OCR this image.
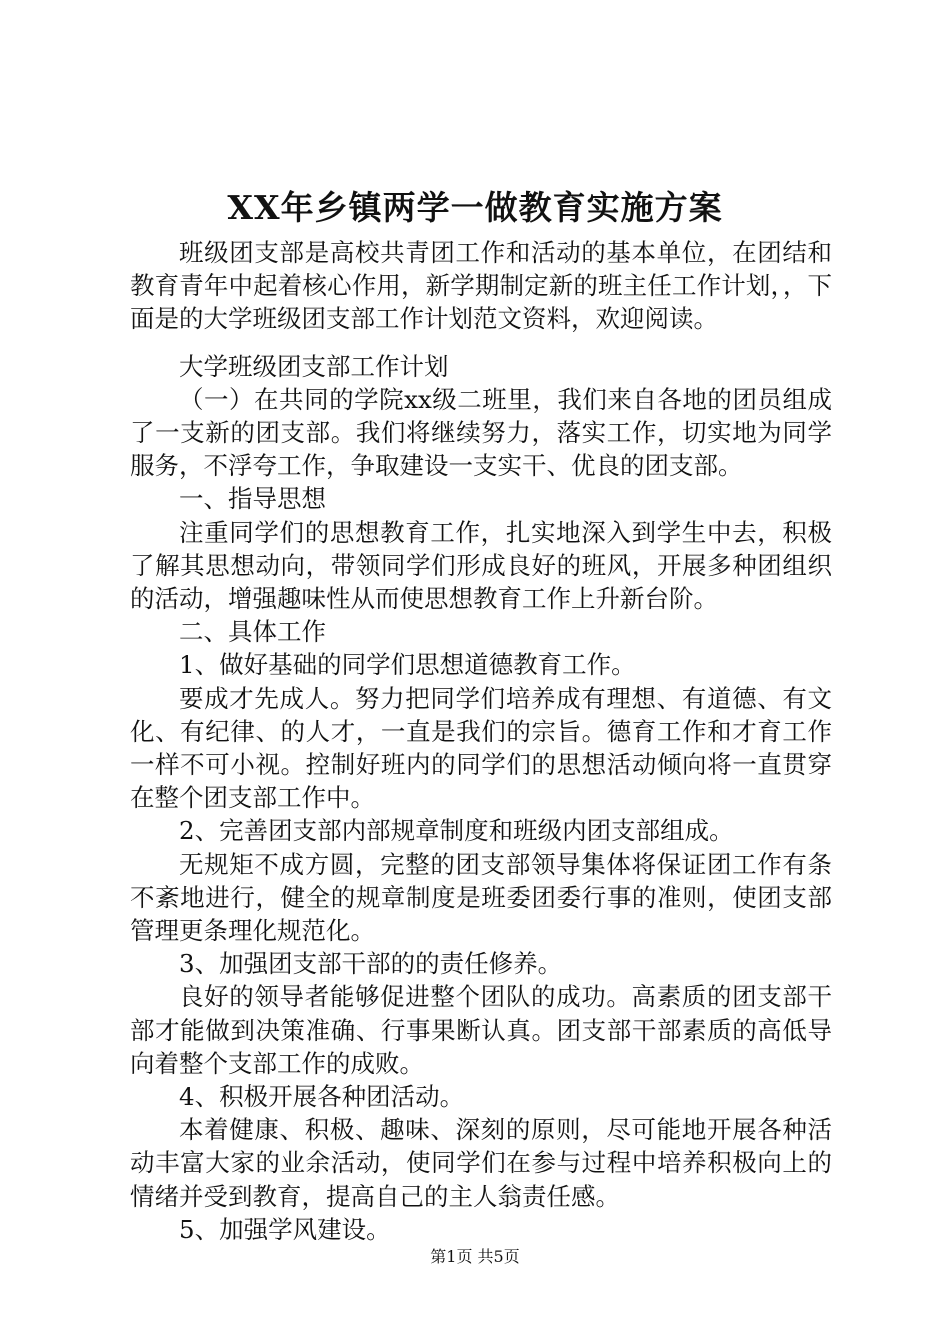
XX年乡镇两学一做教育实施方案

班级团支部是高校共青团工作和活动的基本单位，在团结和教育青年中起着核心作用，新学期制定新的班主任工作计划，，下面是的大学班级团支部工作计划范文资料，欢迎阅读。

大学班级团支部工作计划

（一）在共同的学院xx级二班里，我们来自各地的团员组成了一支新的团支部。我们将继续努力，落实工作，切实地为同学服务，不浮夸工作，争取建设一支实干、优良的团支部。

一、指导思想

注重同学们的思想教育工作，扎实地深入到学生中去，积极了解其思想动向，带领同学们形成良好的班风，开展多种团组织的活动，增强趣味性从而使思想教育工作上升新台阶。

二、具体工作

1、做好基础的同学们思想道德教育工作。

要成才先成人。努力把同学们培养成有理想、有道德、有文化、有纪律、的人才，一直是我们的宗旨。德育工作和才育工作一样不可小视。控制好班内的同学们的思想活动倾向将一直贯穿在整个团支部工作中。

2、完善团支部内部规章制度和班级内团支部组成。

无规矩不成方圆，完整的团支部领导集体将保证团工作有条不紊地进行，健全的规章制度是班委团委行事的准则，使团支部管理更条理化规范化。

3、加强团支部干部的的责任修养。

良好的领导者能够促进整个团队的成功。高素质的团支部干部才能做到决策准确、行事果断认真。团支部干部素质的高低导向着整个支部工作的成败。

4、积极开展各种团活动。

本着健康、积极、趣味、深刻的原则，尽可能地开展各种活动丰富大家的业余活动，使同学们在参与过程中培养积极向上的情绪并受到教育，提高自己的主人翁责任感。

5、加强学风建设。

第1页 共5页
